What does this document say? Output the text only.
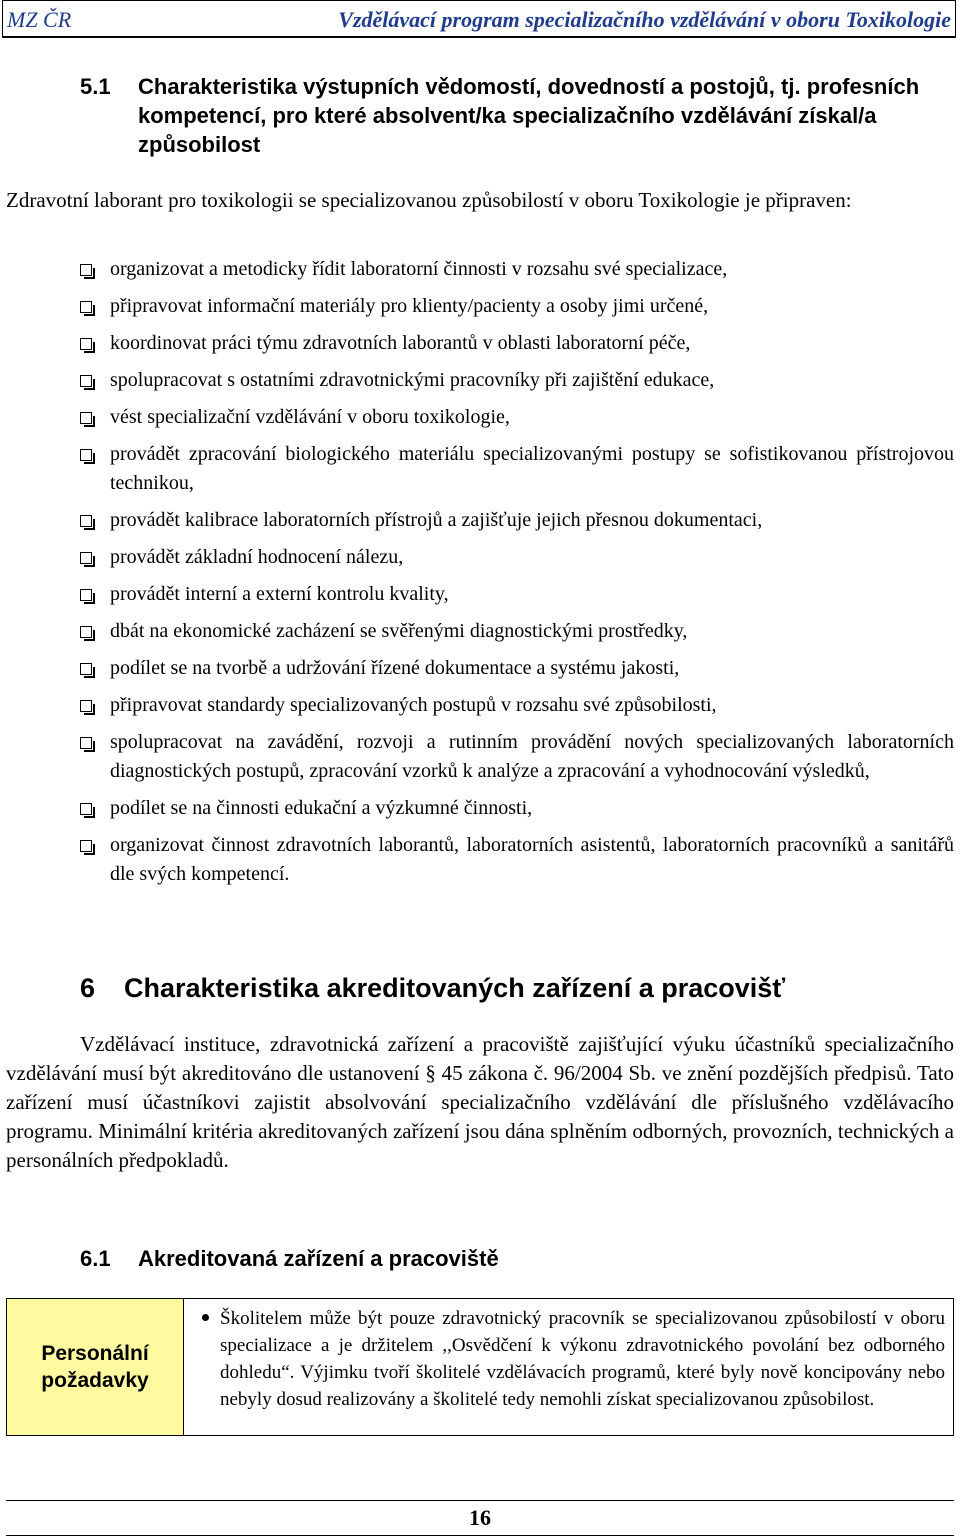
MZ ČR	Vzdělávací program specializačního vzdělávání v oboru Toxikologie
5.1 Charakteristika výstupních vědomostí, dovedností a postojů, tj. profesních kompetencí, pro které absolvent/ka specializačního vzdělávání získal/a způsobilost
Zdravotní laborant pro toxikologii se specializovanou způsobilostí v oboru Toxikologie je připraven:
organizovat a metodicky řídit laboratorní činnosti v rozsahu své specializace,
připravovat informační materiály pro klienty/pacienty a osoby jimi určené,
koordinovat práci týmu zdravotních laborantů v oblasti laboratorní péče,
spolupracovat s ostatními zdravotnickými pracovníky při zajištění edukace,
vést specializační vzdělávání v oboru toxikologie,
provádět zpracování biologického materiálu specializovanými postupy se sofistikovanou přístrojovou technikou,
provádět kalibrace laboratorních přístrojů a zajišťuje jejich přesnou dokumentaci,
provádět základní hodnocení nálezu,
provádět interní a externí kontrolu kvality,
dbát na ekonomické zacházení se svěřenými diagnostickými prostředky,
podílet se na tvorbě a udržování řízené dokumentace a systému jakosti,
připravovat standardy specializovaných postupů v rozsahu své způsobilosti,
spolupracovat na zavádění, rozvoji a rutinním provádění nových specializovaných laboratorních diagnostických postupů, zpracování vzorků k analýze a zpracování a vyhodnocování výsledků,
podílet se na činnosti edukační a výzkumné činnosti,
organizovat činnost zdravotních laborantů, laboratorních asistentů, laboratorních pracovníků a sanitářů dle svých kompetencí.
6 Charakteristika akreditovaných zařízení a pracovišť
Vzdělávací instituce, zdravotnická zařízení a pracoviště zajišťující výuku účastníků specializačního vzdělávání musí být akreditováno dle ustanovení § 45 zákona č. 96/2004 Sb. ve znění pozdějších předpisů. Tato zařízení musí účastníkovi zajistit absolvování specializačního vzdělávání dle příslušného vzdělávacího programu. Minimální kritéria akreditovaných zařízení jsou dána splněním odborných, provozních, technických a personálních předpokladů.
6.1 Akreditovaná zařízení a pracoviště
Personální požadavky
Školitelem může být pouze zdravotnický pracovník se specializovanou způsobilostí v oboru specializace a je držitelem ,,Osvědčení k výkonu zdravotnického povolání bez odborného dohledu“. Výjimku tvoří školitelé vzdělávacích programů, které byly nově koncipovány nebo nebyly dosud realizovány a školitelé tedy nemohli získat specializovanou způsobilost.
16
